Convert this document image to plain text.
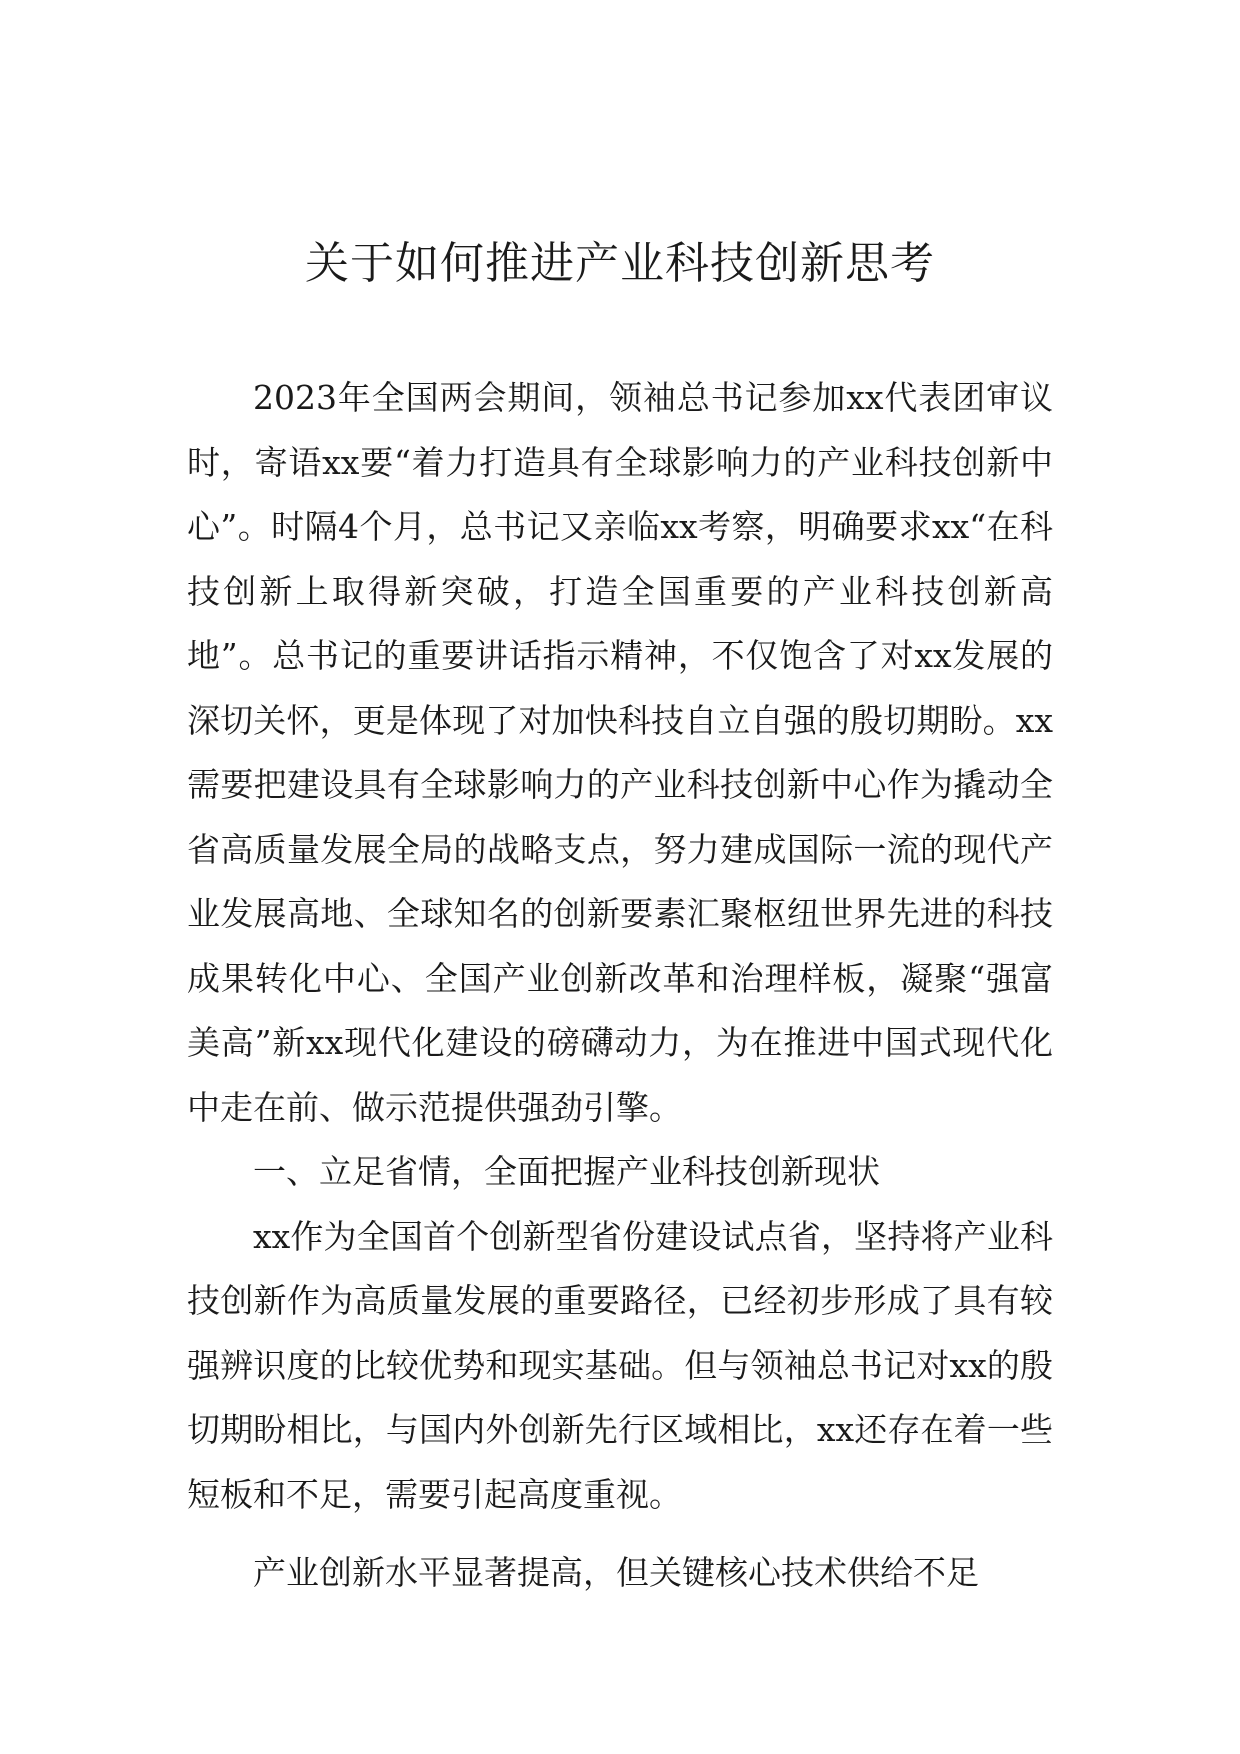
关于如何推进产业科技创新思考

2023年全国两会期间，领袖总书记参加xx代表团审议时，寄语xx要“着力打造具有全球影响力的产业科技创新中心”。时隔4个月，总书记又亲临xx考察，明确要求xx“在科技创新上取得新突破，打造全国重要的产业科技创新高地”。总书记的重要讲话指示精神，不仅饱含了对xx发展的深切关怀，更是体现了对加快科技自立自强的殷切期盼。xx需要把建设具有全球影响力的产业科技创新中心作为撬动全省高质量发展全局的战略支点，努力建成国际一流的现代产业发展高地、全球知名的创新要素汇聚枢纽世界先进的科技成果转化中心、全国产业创新改革和治理样板，凝聚“强富美高”新xx现代化建设的磅礴动力，为在推进中国式现代化中走在前、做示范提供强劲引擎。

一、立足省情，全面把握产业科技创新现状

xx作为全国首个创新型省份建设试点省，坚持将产业科技创新作为高质量发展的重要路径，已经初步形成了具有较强辨识度的比较优势和现实基础。但与领袖总书记对xx的殷切期盼相比，与国内外创新先行区域相比，xx还存在着一些短板和不足，需要引起高度重视。

产业创新水平显著提高，但关键核心技术供给不足
